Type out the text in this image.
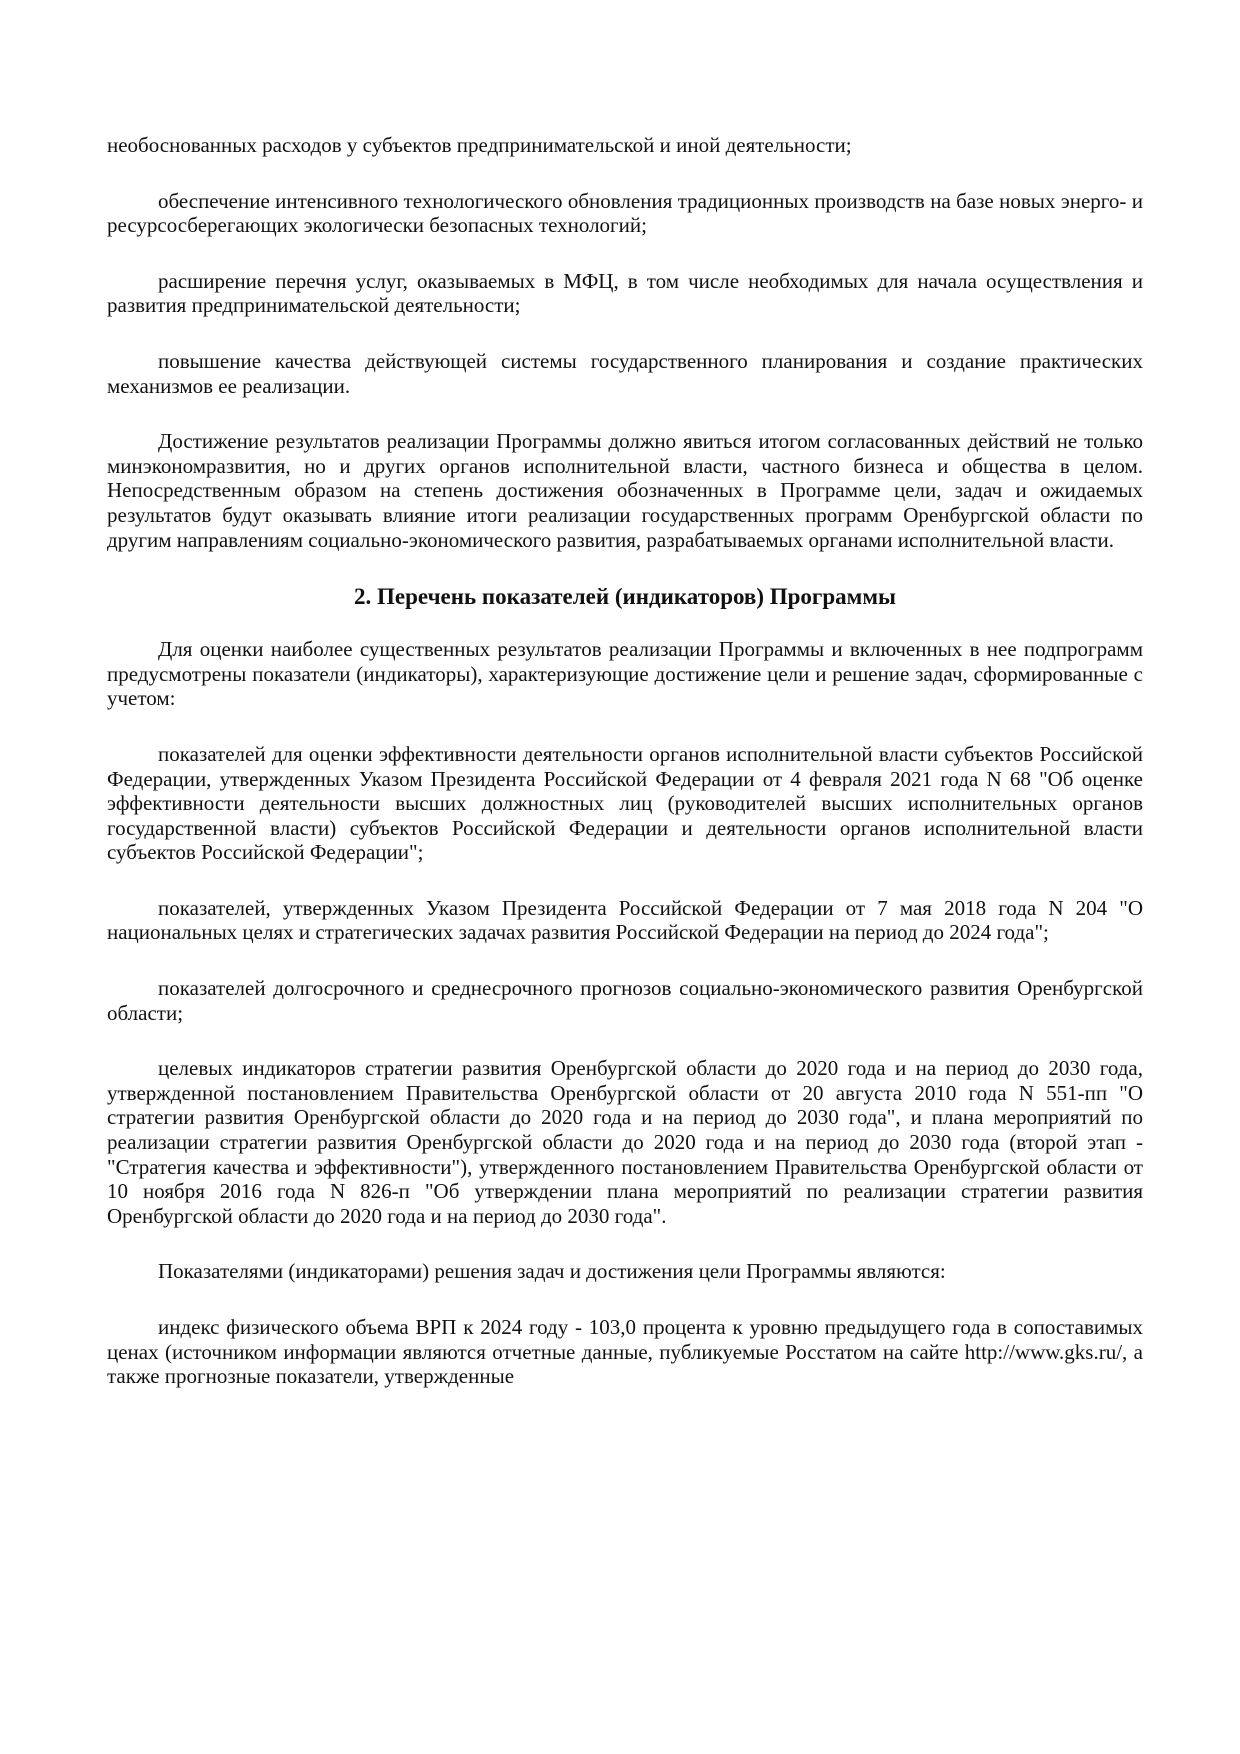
необоснованных расходов у субъектов предпринимательской и иной деятельности;

обеспечение интенсивного технологического обновления традиционных производств на базе новых энерго- и ресурсосберегающих экологически безопасных технологий;

расширение перечня услуг, оказываемых в МФЦ, в том числе необходимых для начала осуществления и развития предпринимательской деятельности;

повышение качества действующей системы государственного планирования и создание практических механизмов ее реализации.

Достижение результатов реализации Программы должно явиться итогом согласованных действий не только минэкономразвития, но и других органов исполнительной власти, частного бизнеса и общества в целом. Непосредственным образом на степень достижения обозначенных в Программе цели, задач и ожидаемых результатов будут оказывать влияние итоги реализации государственных программ Оренбургской области по другим направлениям социально-экономического развития, разрабатываемых органами исполнительной власти.

2. Перечень показателей (индикаторов) Программы

Для оценки наиболее существенных результатов реализации Программы и включенных в нее подпрограмм предусмотрены показатели (индикаторы), характеризующие достижение цели и решение задач, сформированные с учетом:

показателей для оценки эффективности деятельности органов исполнительной власти субъектов Российской Федерации, утвержденных Указом Президента Российской Федерации от 4 февраля 2021 года N 68 "Об оценке эффективности деятельности высших должностных лиц (руководителей высших исполнительных органов государственной власти) субъектов Российской Федерации и деятельности органов исполнительной власти субъектов Российской Федерации";

показателей, утвержденных Указом Президента Российской Федерации от 7 мая 2018 года N 204 "О национальных целях и стратегических задачах развития Российской Федерации на период до 2024 года";

показателей долгосрочного и среднесрочного прогнозов социально-экономического развития Оренбургской области;

целевых индикаторов стратегии развития Оренбургской области до 2020 года и на период до 2030 года, утвержденной постановлением Правительства Оренбургской области от 20 августа 2010 года N 551-пп "О стратегии развития Оренбургской области до 2020 года и на период до 2030 года", и плана мероприятий по реализации стратегии развития Оренбургской области до 2020 года и на период до 2030 года (второй этап - "Стратегия качества и эффективности"), утвержденного постановлением Правительства Оренбургской области от 10 ноября 2016 года N 826-п "Об утверждении плана мероприятий по реализации стратегии развития Оренбургской области до 2020 года и на период до 2030 года".

Показателями (индикаторами) решения задач и достижения цели Программы являются:

индекс физического объема ВРП к 2024 году - 103,0 процента к уровню предыдущего года в сопоставимых ценах (источником информации являются отчетные данные, публикуемые Росстатом на сайте http://www.gks.ru/, а также прогнозные показатели, утвержденные
